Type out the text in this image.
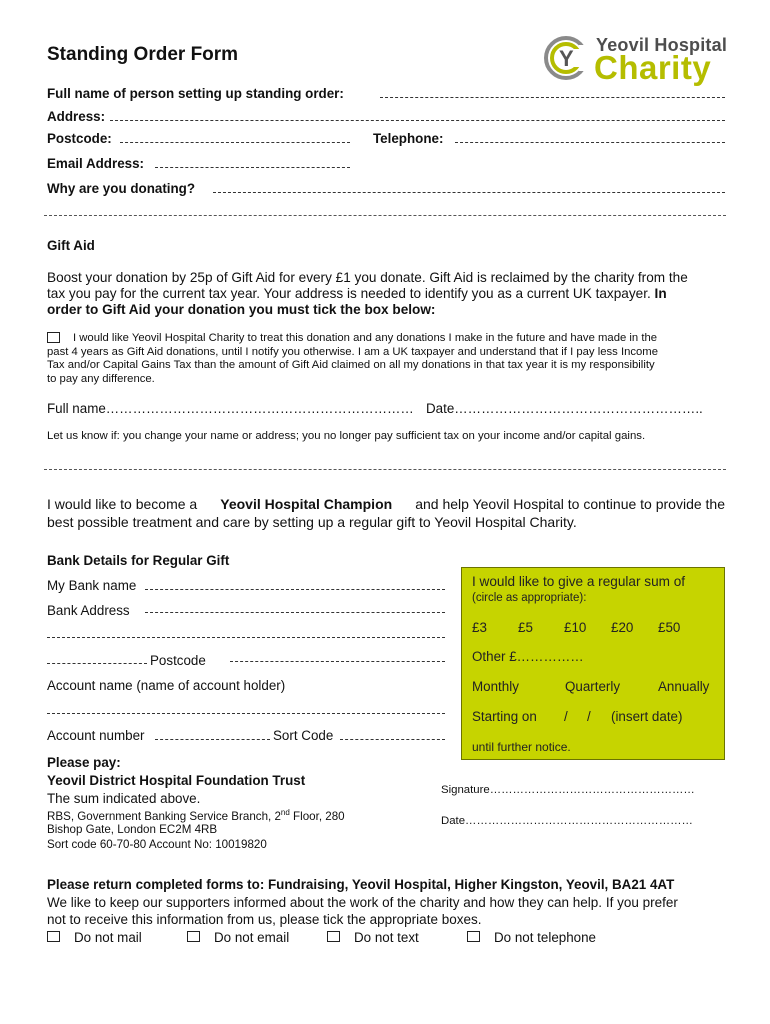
Standing Order Form	Y
Yeovil Hospital
Charity
Full name of person setting up standing order:
Address:
Postcode:	Telephone:
Email Address:
Why are you donating?
Gift Aid
Boost your donation by 25p of Gift Aid for every £1 you donate. Gift Aid is reclaimed by the charity from the
tax you pay for the current tax year. Your address is needed to identify you as a current UK taxpayer. In
order to Gift Aid your donation you must tick the box below:
I would like Yeovil Hospital Charity to treat this donation and any donations I make in the future and have made in the
past 4 years as Gift Aid donations, until I notify you otherwise. I am a UK taxpayer and understand that if I pay less Income
Tax and/or Capital Gains Tax than the amount of Gift Aid claimed on all my donations in that tax year it is my responsibility
to pay any difference.
Full name…………………………………………………………… Date………………………………………………..
Let us know if: you change your name or address; you no longer pay sufficient tax on your income and/or capital gains.
I would like to become a Yeovil Hospital Champion and help Yeovil Hospital to continue to provide the
best possible treatment and care by setting up a regular gift to Yeovil Hospital Charity.
Bank Details for Regular Gift
My Bank name
Bank Address
Postcode
Account name (name of account holder)
Account number	Sort Code
I would like to give a regular sum of
(circle as appropriate):
£3 £5 £10 £20 £50
Other £……………
Monthly	Quarterly	Annually
Starting on / / (insert date)
until further notice.
Please pay:
Yeovil District Hospital Foundation Trust
The sum indicated above.
RBS, Government Banking Service Branch, 2nd Floor, 280
Bishop Gate, London EC2M 4RB
Sort code 60-70-80 Account No: 10019820
Signature………………………………………………
Date……………………………………………………
Please return completed forms to: Fundraising, Yeovil Hospital, Higher Kingston, Yeovil, BA21 4AT
We like to keep our supporters informed about the work of the charity and how they can help. If you prefer
not to receive this information from us, please tick the appropriate boxes.
Do not mail	Do not email	Do not text	Do not telephone
